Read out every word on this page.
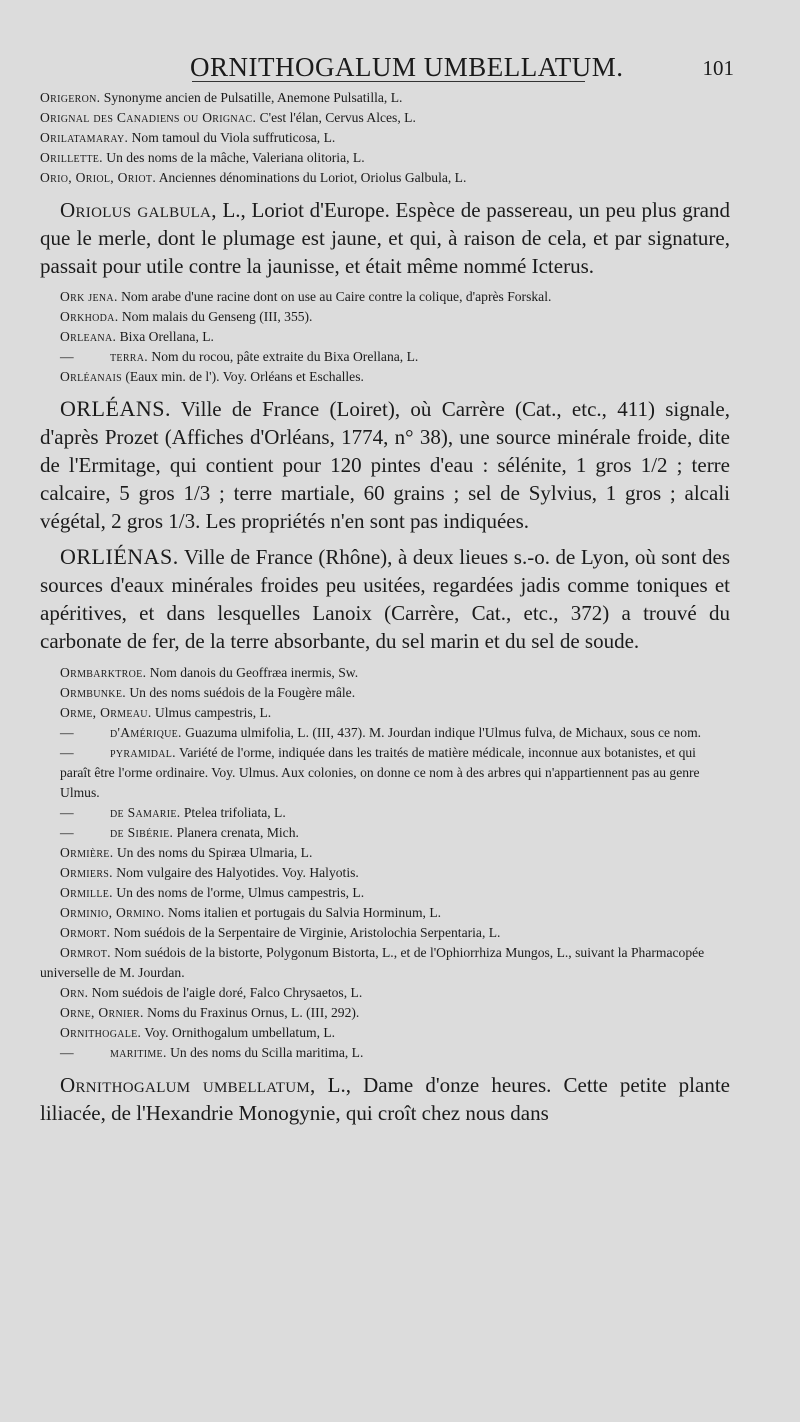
ORNITHOGALUM UMBELLATUM.	101

Origeron. Synonyme ancien de Pulsatille, Anemone Pulsatilla, L.

Orignal des Canadiens ou Orignac. C'est l'élan, Cervus Alces, L.

Orilatamaray. Nom tamoul du Viola suffruticosa, L.

Orillette. Un des noms de la mâche, Valeriana olitoria, L.

Orio, Oriol, Oriot. Anciennes dénominations du Loriot, Oriolus Galbula, L.

Oriolus galbula, L., Loriot d'Europe. Espèce de passereau, un peu plus grand que le merle, dont le plumage est jaune, et qui, à raison de cela, et par signature, passait pour utile contre la jaunisse, et était même nommé Icterus.

Ork jena. Nom arabe d'une racine dont on use au Caire contre la colique, d'après Forskal.

Orkhoda. Nom malais du Genseng (III, 355).

Orleana. Bixa Orellana, L.

—	terra. Nom du rocou, pâte extraite du Bixa Orellana, L.

Orléanais (Eaux min. de l'). Voy. Orléans et Eschalles.

ORLÉANS. Ville de France (Loiret), où Carrère (Cat., etc., 411) signale, d'après Prozet (Affiches d'Orléans, 1774, n° 38), une source minérale froide, dite de l'Ermitage, qui contient pour 120 pintes d'eau : sélénite, 1 gros 1/2 ; terre calcaire, 5 gros 1/3 ; terre martiale, 60 grains ; sel de Sylvius, 1 gros ; alcali végétal, 2 gros 1/3. Les propriétés n'en sont pas indiquées.

ORLIÉNAS. Ville de France (Rhône), à deux lieues s.-o. de Lyon, où sont des sources d'eaux minérales froides peu usitées, regardées jadis comme toniques et apéritives, et dans lesquelles Lanoix (Carrère, Cat., etc., 372) a trouvé du carbonate de fer, de la terre absorbante, du sel marin et du sel de soude.

Ormbarktroe. Nom danois du Geoffræa inermis, Sw.

Ormbunke. Un des noms suédois de la Fougère mâle.

Orme, Ormeau. Ulmus campestris, L.

—	d'Amérique. Guazuma ulmifolia, L. (III, 437). M. Jourdan indique l'Ulmus fulva, de Michaux, sous ce nom.

—	pyramidal. Variété de l'orme, indiquée dans les traités de matière médicale, inconnue aux botanistes, et qui paraît être l'orme ordinaire. Voy. Ulmus. Aux colonies, on donne ce nom à des arbres qui n'appartiennent pas au genre Ulmus.

—	de Samarie. Ptelea trifoliata, L.

—	de Sibérie. Planera crenata, Mich.

Ormière. Un des noms du Spiræa Ulmaria, L.

Ormiers. Nom vulgaire des Halyotides. Voy. Halyotis.

Ormille. Un des noms de l'orme, Ulmus campestris, L.

Orminio, Ormino. Noms italien et portugais du Salvia Horminum, L.

Ormort. Nom suédois de la Serpentaire de Virginie, Aristolochia Serpentaria, L.

Ormrot. Nom suédois de la bistorte, Polygonum Bistorta, L., et de l'Ophiorrhiza Mungos, L., suivant la Pharmacopée universelle de M. Jourdan.

Orn. Nom suédois de l'aigle doré, Falco Chrysaetos, L.

Orne, Ornier. Noms du Fraxinus Ornus, L. (III, 292).

Ornithogale. Voy. Ornithogalum umbellatum, L.

—	maritime. Un des noms du Scilla maritima, L.

Ornithogalum umbellatum, L., Dame d'onze heures. Cette petite plante liliacée, de l'Hexandrie Monogynie, qui croît chez nous dans
